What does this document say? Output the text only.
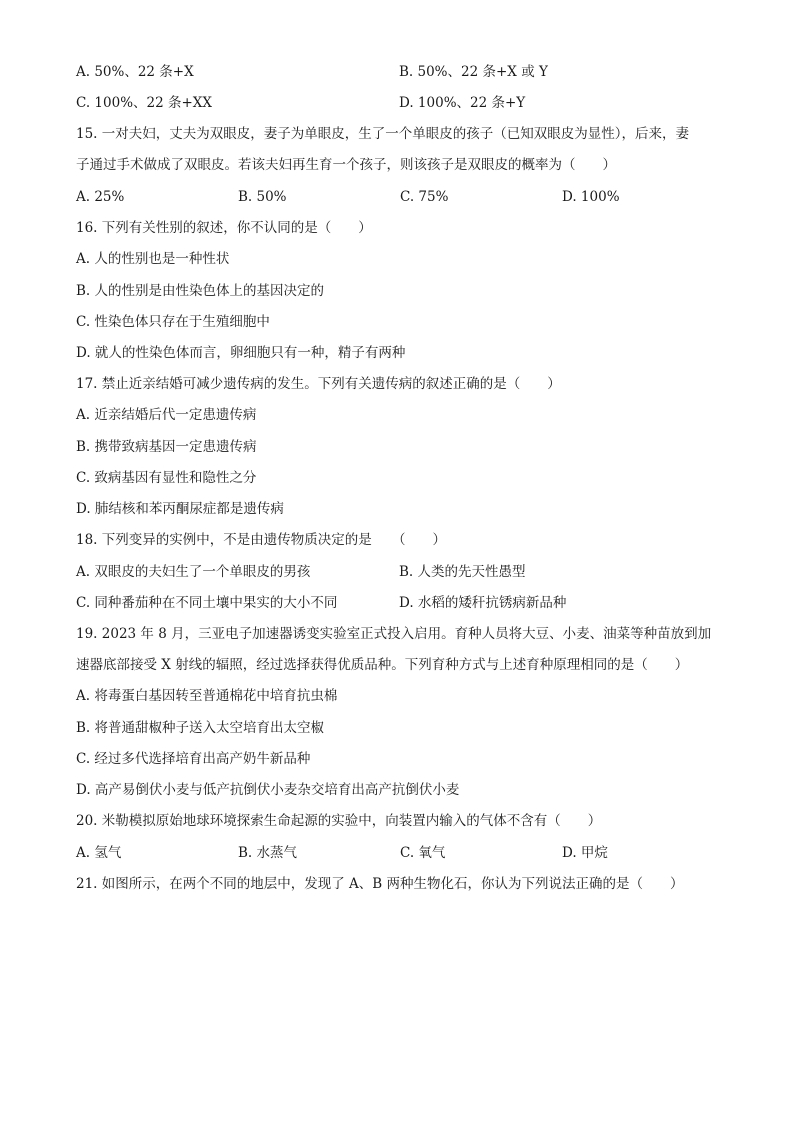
A. 50%、22 条+X	B. 50%、22 条+X 或 Y
C. 100%、22 条+XX	D. 100%、22 条+Y
15. 一对夫妇，丈夫为双眼皮，妻子为单眼皮，生了一个单眼皮的孩子（已知双眼皮为显性），后来，妻
子通过手术做成了双眼皮。若该夫妇再生育一个孩子，则该孩子是双眼皮的概率为（　　）
A. 25%	B. 50%	C. 75%	D. 100%
16. 下列有关性别的叙述，你不认同的是（　　）
A. 人的性别也是一种性状
B. 人的性别是由性染色体上的基因决定的
C. 性染色体只存在于生殖细胞中
D. 就人的性染色体而言，卵细胞只有一种，精子有两种
17. 禁止近亲结婚可减少遗传病的发生。下列有关遗传病的叙述正确的是（　　）
A. 近亲结婚后代一定患遗传病
B. 携带致病基因一定患遗传病
C. 致病基因有显性和隐性之分
D. 肺结核和苯丙酮尿症都是遗传病
18. 下列变异的实例中，不是由遗传物质决定的是　　（　　）
A. 双眼皮的夫妇生了一个单眼皮的男孩	B. 人类的先天性愚型
C. 同种番茄种在不同土壤中果实的大小不同	D. 水稻的矮秆抗锈病新品种
19. 2023 年 8 月，三亚电子加速器诱变实验室正式投入启用。育种人员将大豆、小麦、油菜等种苗放到加
速器底部接受 X 射线的辐照，经过选择获得优质品种。下列育种方式与上述育种原理相同的是（　　）
A. 将毒蛋白基因转至普通棉花中培育抗虫棉
B. 将普通甜椒种子送入太空培育出太空椒
C. 经过多代选择培育出高产奶牛新品种
D. 高产易倒伏小麦与低产抗倒伏小麦杂交培育出高产抗倒伏小麦
20. 米勒模拟原始地球环境探索生命起源的实验中，向装置内输入的气体不含有（　　）
A. 氢气	B. 水蒸气	C. 氧气	D. 甲烷
21. 如图所示，在两个不同的地层中，发现了 A、B 两种生物化石，你认为下列说法正确的是（　　）
